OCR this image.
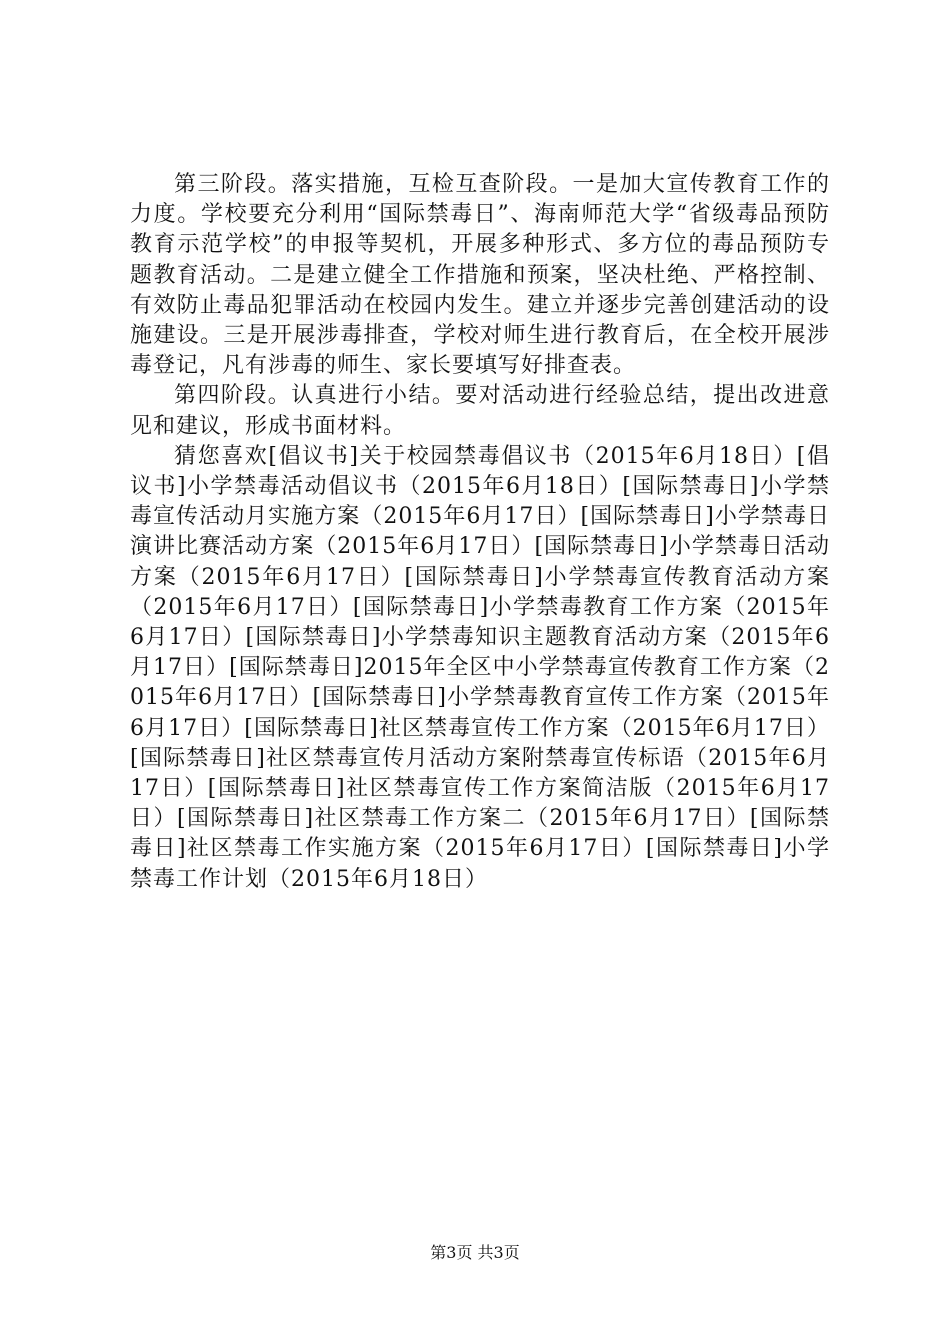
第三阶段。落实措施，互检互查阶段。一是加大宣传教育工作的力度。学校要充分利用“国际禁毒日”、海南师范大学“省级毒品预防教育示范学校”的申报等契机，开展多种形式、多方位的毒品预防专题教育活动。二是建立健全工作措施和预案，坚决杜绝、严格控制、有效防止毒品犯罪活动在校园内发生。建立并逐步完善创建活动的设施建设。三是开展涉毒排查，学校对师生进行教育后，在全校开展涉毒登记，凡有涉毒的师生、家长要填写好排查表。

第四阶段。认真进行小结。要对活动进行经验总结，提出改进意见和建议，形成书面材料。

猜您喜欢[倡议书]关于校园禁毒倡议书（2015年6月18日）[倡议书]小学禁毒活动倡议书（2015年6月18日）[国际禁毒日]小学禁毒宣传活动月实施方案（2015年6月17日）[国际禁毒日]小学禁毒日演讲比赛活动方案（2015年6月17日）[国际禁毒日]小学禁毒日活动方案（2015年6月17日）[国际禁毒日]小学禁毒宣传教育活动方案（2015年6月17日）[国际禁毒日]小学禁毒教育工作方案（2015年6月17日）[国际禁毒日]小学禁毒知识主题教育活动方案（2015年6月17日）[国际禁毒日]2015年全区中小学禁毒宣传教育工作方案（2015年6月17日）[国际禁毒日]小学禁毒教育宣传工作方案（2015年6月17日）[国际禁毒日]社区禁毒宣传工作方案（2015年6月17日）[国际禁毒日]社区禁毒宣传月活动方案附禁毒宣传标语（2015年6月17日）[国际禁毒日]社区禁毒宣传工作方案简洁版（2015年6月17日）[国际禁毒日]社区禁毒工作方案二（2015年6月17日）[国际禁毒日]社区禁毒工作实施方案（2015年6月17日）[国际禁毒日]小学禁毒工作计划（2015年6月18日）

第3页 共3页
